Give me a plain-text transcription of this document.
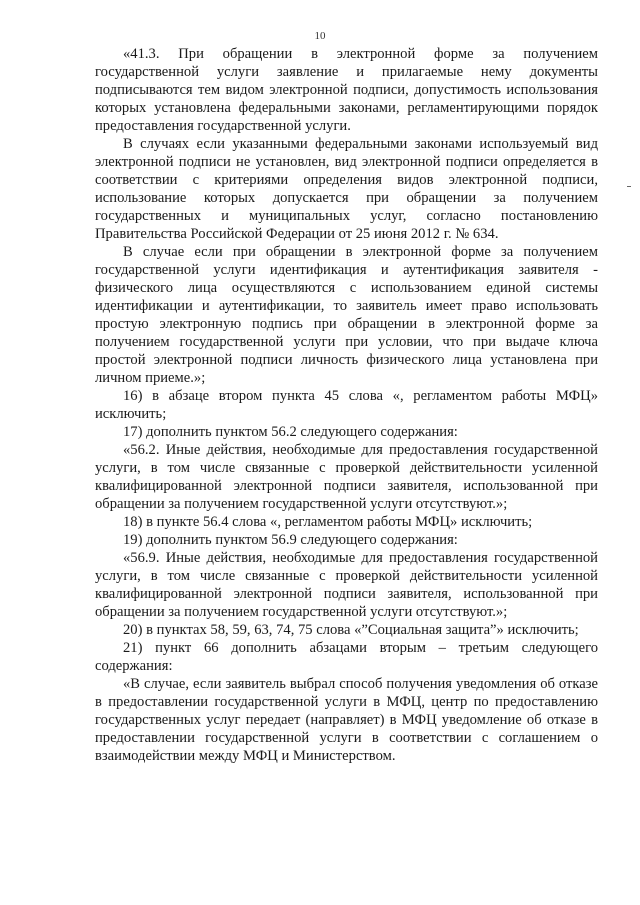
10

«41.3. При обращении в электронной форме за получением государственной услуги заявление и прилагаемые нему документы подписываются тем видом электронной подписи, допустимость использования которых установлена федеральными законами, регламентирующими порядок предоставления государственной услуги.

В случаях если указанными федеральными законами используемый вид электронной подписи не установлен, вид электронной подписи определяется в соответствии с критериями определения видов электронной подписи, использование которых допускается при обращении за получением государственных и муниципальных услуг, согласно постановлению Правительства Российской Федерации от 25 июня 2012 г. № 634.

В случае если при обращении в электронной форме за получением государственной услуги идентификация и аутентификация заявителя - физического лица осуществляются с использованием единой системы идентификации и аутентификации, то заявитель имеет право использовать простую электронную подпись при обращении в электронной форме за получением государственной услуги при условии, что при выдаче ключа простой электронной подписи личность физического лица установлена при личном приеме.»;

16) в абзаце втором пункта 45 слова «, регламентом работы МФЦ» исключить;

17) дополнить пунктом 56.2 следующего содержания:

«56.2. Иные действия, необходимые для предоставления государственной услуги, в том числе связанные с проверкой действительности усиленной квалифицированной электронной подписи заявителя, использованной при обращении за получением государственной услуги отсутствуют.»;

18) в пункте 56.4 слова «, регламентом работы МФЦ» исключить;

19) дополнить пунктом 56.9 следующего содержания:

«56.9. Иные действия, необходимые для предоставления государственной услуги, в том числе связанные с проверкой действительности усиленной квалифицированной электронной подписи заявителя, использованной при обращении за получением государственной услуги отсутствуют.»;

20) в пунктах 58, 59, 63, 74, 75 слова «”Социальная защита”» исключить;

21) пункт 66 дополнить абзацами вторым – третьим следующего содержания:

«В случае, если заявитель выбрал способ получения уведомления об отказе в предоставлении государственной услуги в МФЦ, центр по предоставлению государственных услуг передает (направляет) в МФЦ уведомление об отказе в предоставлении государственной услуги в соответствии с соглашением о взаимодействии между МФЦ и Министерством.
